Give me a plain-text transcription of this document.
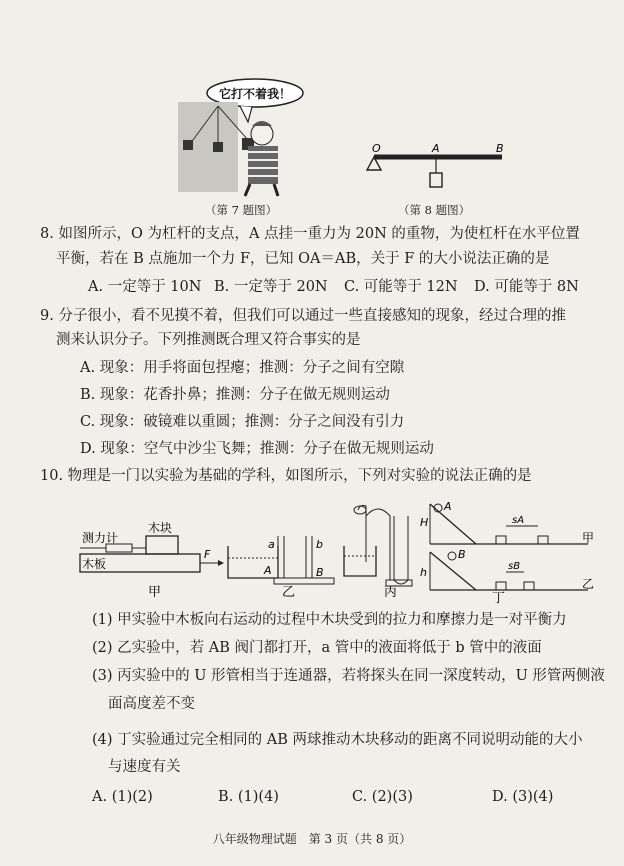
它打不着我！
（第 7 题图）
O	A	B
（第 8 题图）
8. 如图所示，O 为杠杆的支点，A 点挂一重力为 20N 的重物，为使杠杆在水平位置
平衡，若在 B 点施加一个力 F，已知 OA＝AB，关于 F 的大小说法正确的是
A. 一定等于 10N B. 一定等于 20N C. 可能等于 12N D. 可能等于 8N
9. 分子很小，看不见摸不着，但我们可以通过一些直接感知的现象，经过合理的推
测来认识分子。下列推测既合理又符合事实的是
A. 现象：用手将面包捏瘪；推测：分子之间有空隙
B. 现象：花香扑鼻；推测：分子在做无规则运动
C. 现象：破镜难以重圆；推测：分子之间没有引力
D. 现象：空气中沙尘飞舞；推测：分子在做无规则运动
10. 物理是一门以实验为基础的学科，如图所示，下列对实验的说法正确的是
测力计
木块
木板
F
甲
a	b
A	B
乙	丙
A
B
H
h
sA
sB
甲
乙
丁
(1) 甲实验中木板向右运动的过程中木块受到的拉力和摩擦力是一对平衡力
(2) 乙实验中，若 AB 阀门都打开，a 管中的液面将低于 b 管中的液面
(3) 丙实验中的 U 形管相当于连通器，若将探头在同一深度转动，U 形管两侧液
面高度差不变
(4) 丁实验通过完全相同的 AB 两球推动木块移动的距离不同说明动能的大小
与速度有关
A. (1)(2)	B. (1)(4)	C. (2)(3)	D. (3)(4)
八年级物理试题　第 3 页（共 8 页）
